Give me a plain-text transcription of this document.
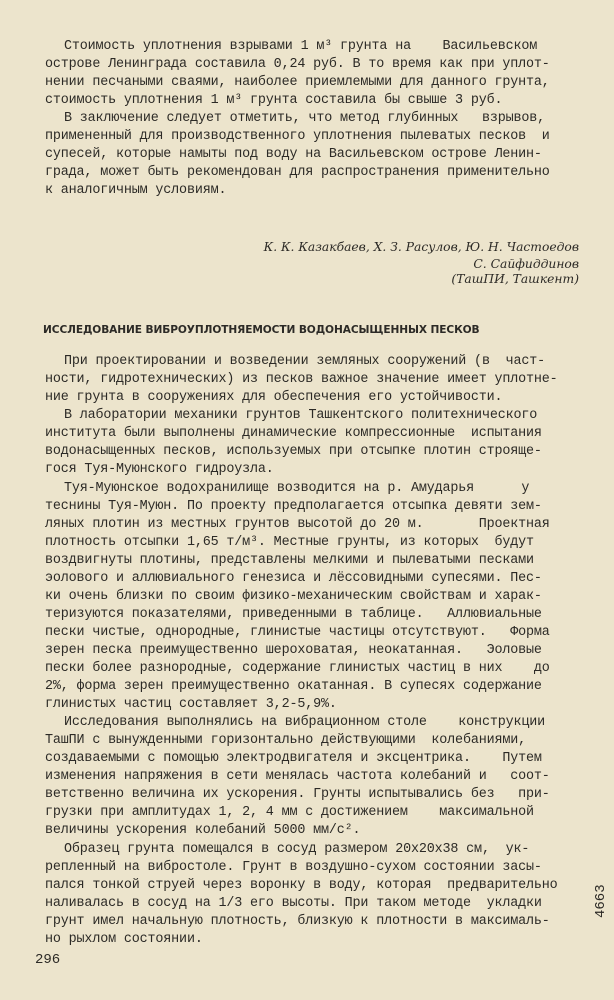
Стоимость уплотнения взрывами 1 м³ грунта на    Васильевском
острове Ленинграда составила 0,24 руб. В то время как при уплот-
нении песчаными сваями, наиболее приемлемыми для данного грунта,
стоимость уплотнения 1 м³ грунта составила бы свыше 3 руб.
В заключение следует отметить, что метод глубинных   взрывов,
примененный для производственного уплотнения пылеватых песков  и
супесей, которые намыты под воду на Васильевском острове Ленин-
града, может быть рекомендован для распространения применительно
к аналогичным условиям.
К. К. Казакбаев, Х. З. Расулов, Ю. Н. Частоедов
С. Сайфиддинов
(ТашПИ, Ташкент)
ИССЛЕДОВАНИЕ ВИБРОУПЛОТНЯЕМОСТИ ВОДОНАСЫЩЕННЫХ ПЕСКОВ
При проектировании и возведении земляных сооружений (в  част-
ности, гидротехнических) из песков важное значение имеет уплотне-
ние грунта в сооружениях для обеспечения его устойчивости.
В лаборатории механики грунтов Ташкентского политехнического
института были выполнены динамические компрессионные  испытания
водонасыщенных песков, используемых при отсыпке плотин строяще-
гося Туя-Муюнского гидроузла.
Туя-Муюнское водохранилище возводится на р. Амударья      у
теснины Туя-Муюн. По проекту предполагается отсыпка девяти зем-
ляных плотин из местных грунтов высотой до 20 м.       Проектная
плотность отсыпки 1,65 т/м³. Местные грунты, из которых  будут
воздвигнуты плотины, представлены мелкими и пылеватыми песками
эолового и аллювиального генезиса и лёссовидными супесями. Пес-
ки очень близки по своим физико-механическим свойствам и харак-
теризуются показателями, приведенными в таблице.   Аллювиальные
пески чистые, однородные, глинистые частицы отсутствуют.   Форма
зерен песка преимущественно шероховатая, неокатанная.   Эоловые
пески более разнородные, содержание глинистых частиц в них    до
2%, форма зерен преимущественно окатанная. В супесях содержание
глинистых частиц составляет 3,2-5,9%.
Исследования выполнялись на вибрационном столе    конструкции
ТашПИ с вынужденными горизонтально действующими  колебаниями,
создаваемыми с помощью электродвигателя и эксцентрика.    Путем
изменения напряжения в сети менялась частота колебаний и   соот-
ветственно величина их ускорения. Грунты испытывались без   при-
грузки при амплитудах 1, 2, 4 мм с достижением    максимальной
величины ускорения колебаний 5000 мм/с².
Образец грунта помещался в сосуд размером 20х20х38 см,  ук-
репленный на вибростоле. Грунт в воздушно-сухом состоянии засы-
пался тонкой струей через воронку в воду, которая  предварительно
наливалась в сосуд на 1/3 его высоты. При таком методе  укладки
грунт имел начальную плотность, близкую к плотности в максималь-
но рыхлом состоянии.
296
4663
